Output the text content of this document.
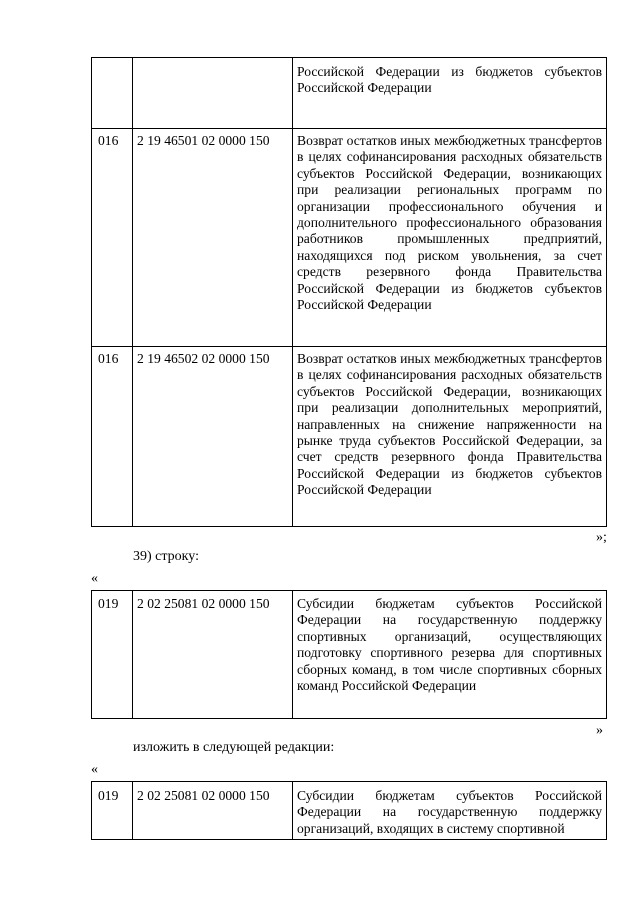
		Российской Федерации из бюджетов субъектов Российской Федерации
016	2 19 46501 02 0000 150	Возврат остатков иных межбюджетных трансфертов в целях софинансирования расходных обязательств субъектов Российской Федерации, возникающих при реализации региональных программ по организации профессионального обучения и дополнительного профессионального образования работников промышленных предприятий, находящихся под риском увольнения, за счет средств резервного фонда Правительства Российской Федерации из бюджетов субъектов Российской Федерации
016	2 19 46502 02 0000 150	Возврат остатков иных межбюджетных трансфертов в целях софинансирования расходных обязательств субъектов Российской Федерации, возникающих при реализации дополнительных мероприятий, направленных на снижение напряженности на рынке труда субъектов Российской Федерации, за счет средств резервного фонда Правительства Российской Федерации из бюджетов субъектов Российской Федерации
»;
39) строку:
«
019	2 02 25081 02 0000 150	Субсидии бюджетам субъектов Российской Федерации на государственную поддержку спортивных организаций, осуществляющих подготовку спортивного резерва для спортивных сборных команд, в том числе спортивных сборных команд Российской Федерации
»
изложить в следующей редакции:
«
019	2 02 25081 02 0000 150	Субсидии бюджетам субъектов Российской Федерации на государственную поддержку организаций, входящих в систему спортивной
